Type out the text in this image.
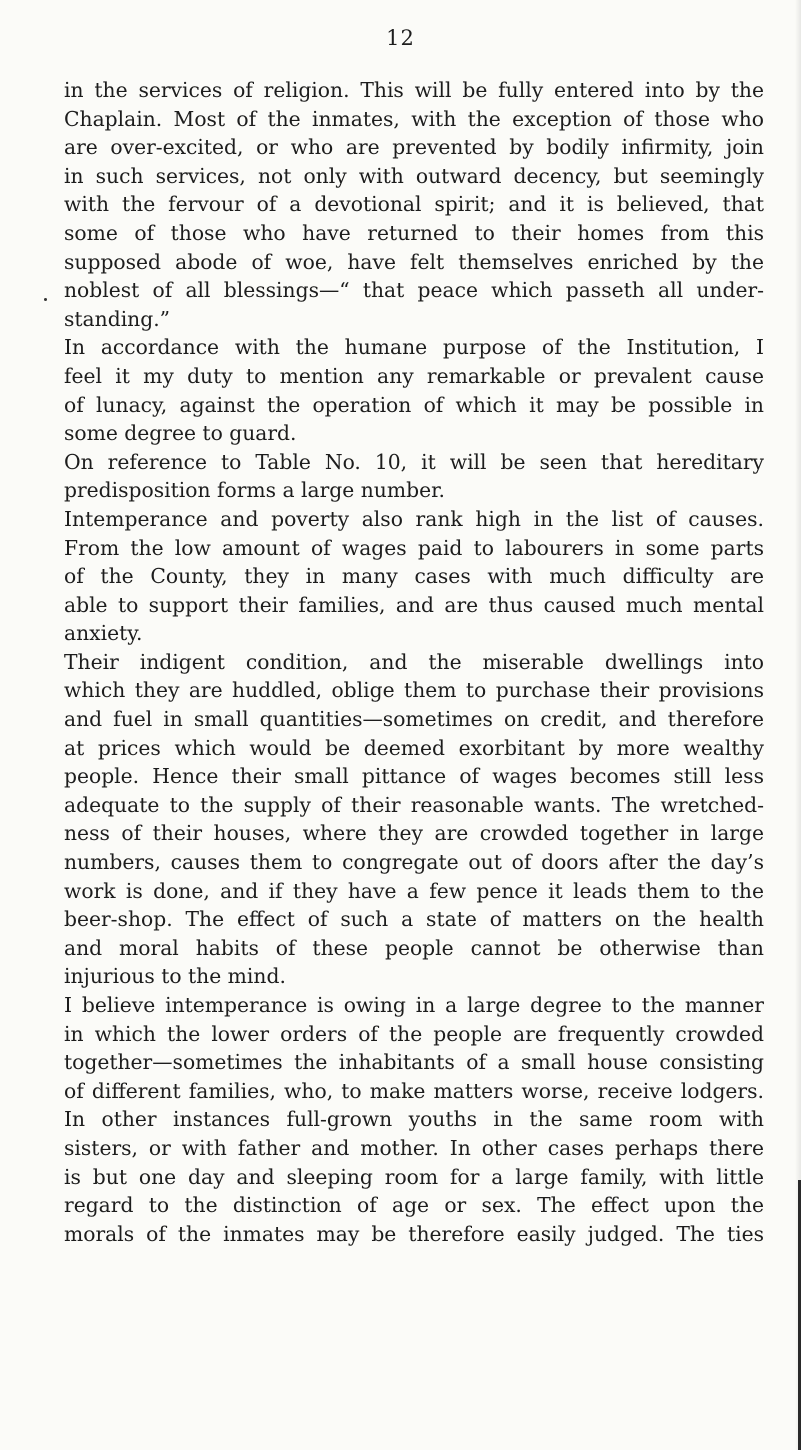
12
in the services of religion. This will be fully entered into by the
Chaplain. Most of the inmates, with the exception of those who
are over-excited, or who are prevented by bodily infirmity, join
in such services, not only with outward decency, but seemingly
with the fervour of a devotional spirit; and it is believed, that
some of those who have returned to their homes from this
supposed abode of woe, have felt themselves enriched by the
noblest of all blessings—“ that peace which passeth all under-
standing.”
In accordance with the humane purpose of the Institution, I
feel it my duty to mention any remarkable or prevalent cause
of lunacy, against the operation of which it may be possible in
some degree to guard.
On reference to Table No. 10, it will be seen that hereditary
predisposition forms a large number.
Intemperance and poverty also rank high in the list of causes.
From the low amount of wages paid to labourers in some parts
of the County, they in many cases with much difficulty are
able to support their families, and are thus caused much mental
anxiety.
Their indigent condition, and the miserable dwellings into
which they are huddled, oblige them to purchase their provisions
and fuel in small quantities—sometimes on credit, and therefore
at prices which would be deemed exorbitant by more wealthy
people. Hence their small pittance of wages becomes still less
adequate to the supply of their reasonable wants. The wretched-
ness of their houses, where they are crowded together in large
numbers, causes them to congregate out of doors after the day’s
work is done, and if they have a few pence it leads them to the
beer-shop. The effect of such a state of matters on the health
and moral habits of these people cannot be otherwise than
injurious to the mind.
I believe intemperance is owing in a large degree to the manner
in which the lower orders of the people are frequently crowded
together—sometimes the inhabitants of a small house consisting
of different families, who, to make matters worse, receive lodgers.
In other instances full-grown youths in the same room with
sisters, or with father and mother. In other cases perhaps there
is but one day and sleeping room for a large family, with little
regard to the distinction of age or sex. The effect upon the
morals of the inmates may be therefore easily judged. The ties
